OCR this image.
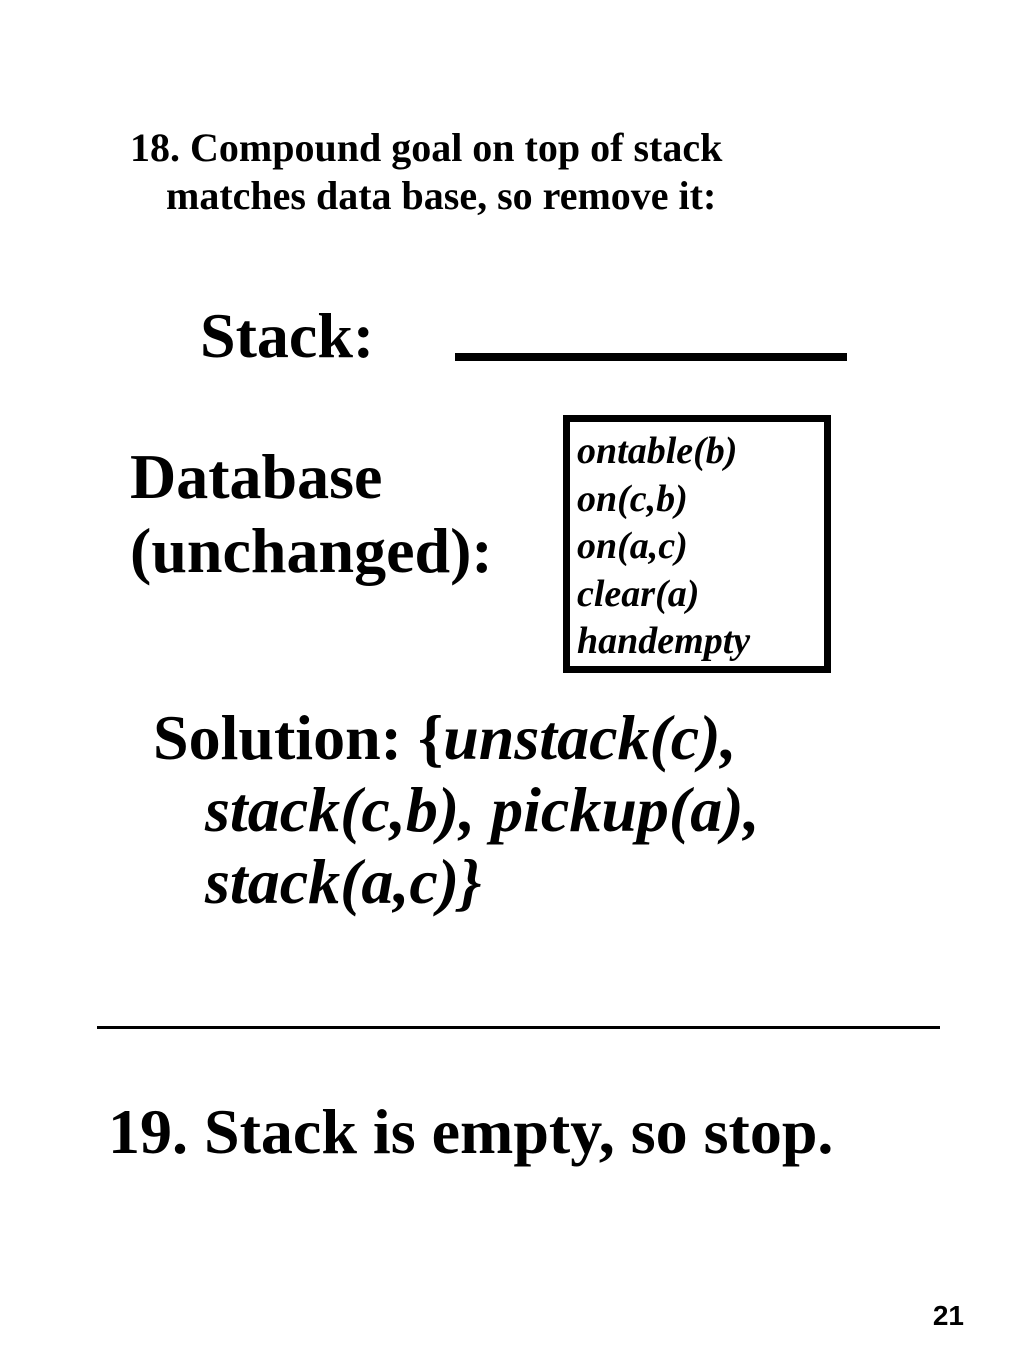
18. Compound goal on top of stack
matches data base, so remove it:
Stack:
Database
(unchanged):
ontable(b)
on(c,b)
on(a,c)
clear(a)
handempty
Solution: {unstack(c),
stack(c,b), pickup(a),
stack(a,c)}
19. Stack is empty, so stop.
21
